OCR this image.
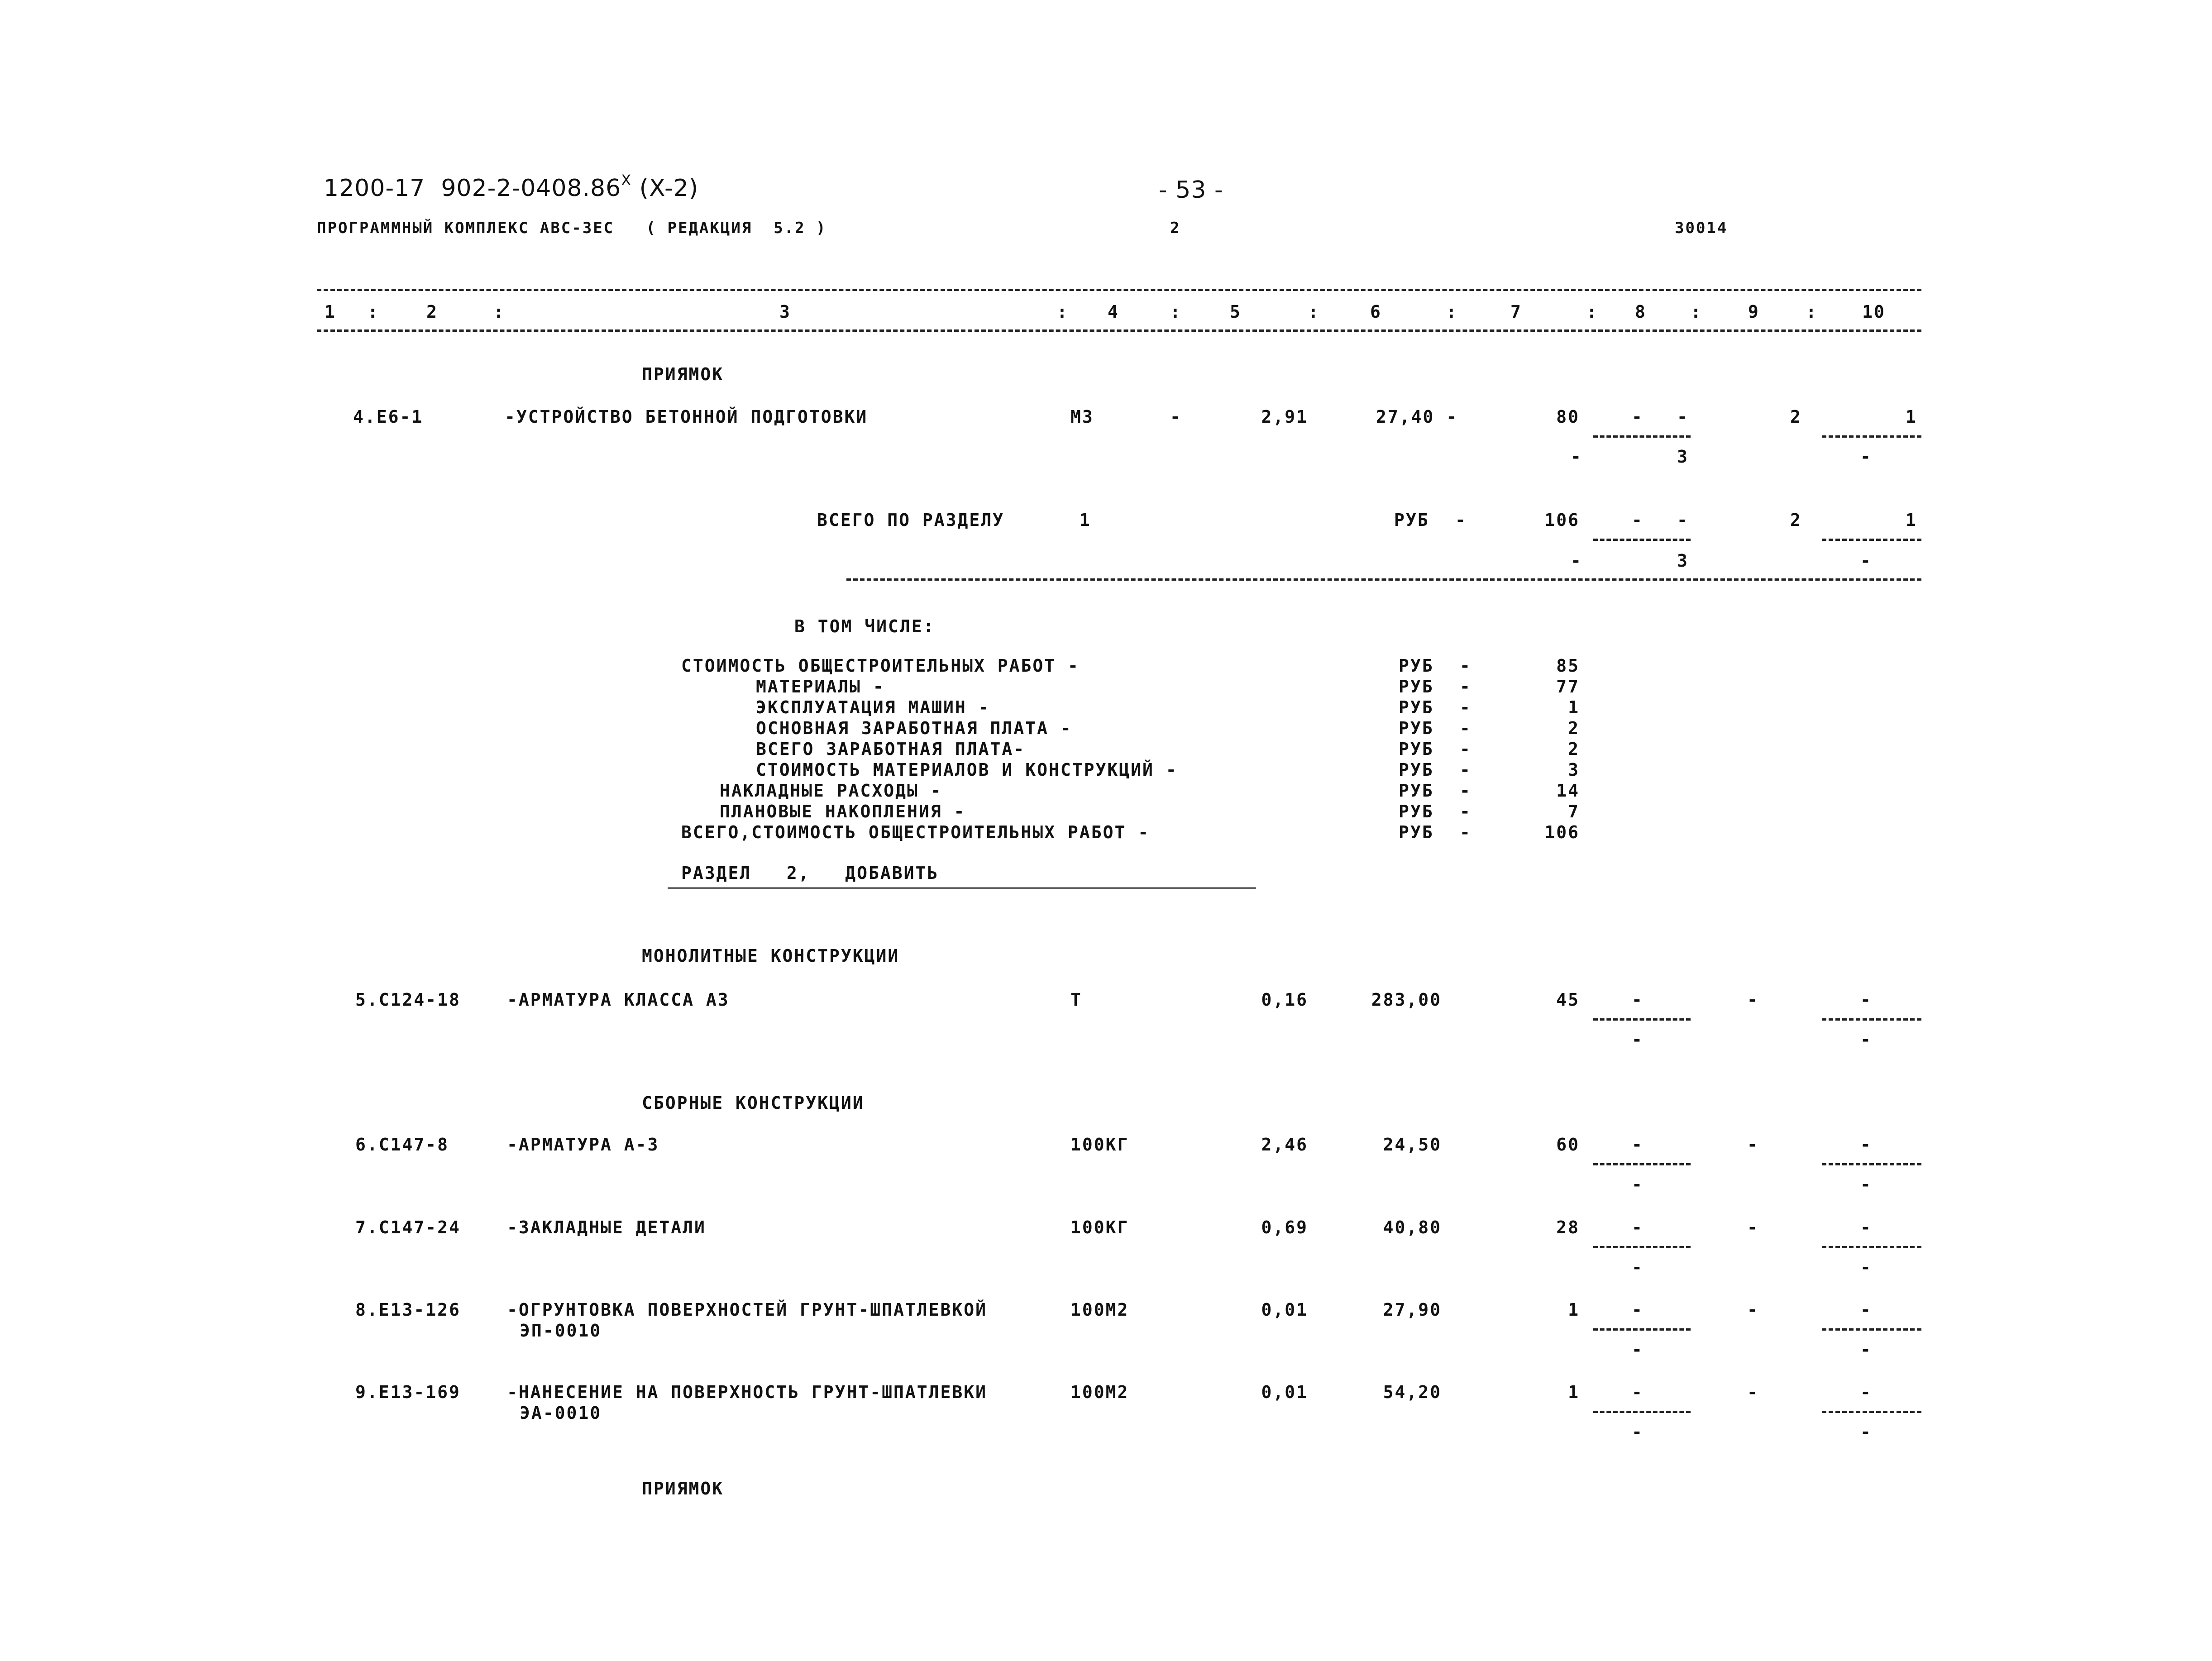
1200-17  $902-2-0408.86^X$ (X-2)	- 53 -
ПРОГРАММНЫЙ КОМПЛЕКС АВС-3ЕС   ( РЕДАКЦИЯ  5.2 )	2	30014
1 :	2	:	3	: 4	:	5	:	6	:	7	: 8	:	9	:	10
ПРИЯМОК
4.Е6-1	-УСТРОЙСТВО БЕТОННОЙ ПОДГОТОВКИ	М3	-	2,91	27,40 -	80	- -	2	1
-	3	-
ВСЕГО ПО РАЗДЕЛУ	1	РУБ -	106	- -	2	1
-	3	-
В ТОМ ЧИСЛЕ:
СТОИМОСТЬ ОБЩЕСТРОИТЕЛЬНЫХ РАБОТ -	РУБ -	85
МАТЕРИАЛЫ -	РУБ -	77
ЭКСПЛУАТАЦИЯ МАШИН -	РУБ -	1
ОСНОВНАЯ ЗАРАБОТНАЯ ПЛАТА -	РУБ -	2
ВСЕГО ЗАРАБОТНАЯ ПЛАТА-	РУБ -	2
СТОИМОСТЬ МАТЕРИАЛОВ И КОНСТРУКЦИЙ -	РУБ -	3
НАКЛАДНЫЕ РАСХОДЫ -	РУБ -	14
ПЛАНОВЫЕ НАКОПЛЕНИЯ -	РУБ -	7
ВСЕГО,СТОИМОСТЬ ОБЩЕСТРОИТЕЛЬНЫХ РАБОТ -	РУБ -	106
РАЗДЕЛ   2,   ДОБАВИТЬ
МОНОЛИТНЫЕ КОНСТРУКЦИИ
5.С124-18	-АРМАТУРА КЛАССА А3	Т	0,16	283,00	45	-	-	-
-	-
СБОРНЫЕ КОНСТРУКЦИИ
6.С147-8	-АРМАТУРА А-3	100КГ	2,46	24,50	60	-	-	-
-	-
7.С147-24	-ЗАКЛАДНЫЕ ДЕТАЛИ	100КГ	0,69	40,80	28	-	-	-
-	-
8.Е13-126	-ОГРУНТОВКА ПОВЕРХНОСТЕЙ ГРУНТ-ШПАТЛЕВКОЙ
ЭП-0010
100М2	0,01	27,90	1	-	-	-
-	-
9.Е13-169	-НАНЕСЕНИЕ НА ПОВЕРХНОСТЬ ГРУНТ-ШПАТЛЕВКИ
ЭА-0010
100М2	0,01	54,20	1	-	-	-
-	-
ПРИЯМОК
